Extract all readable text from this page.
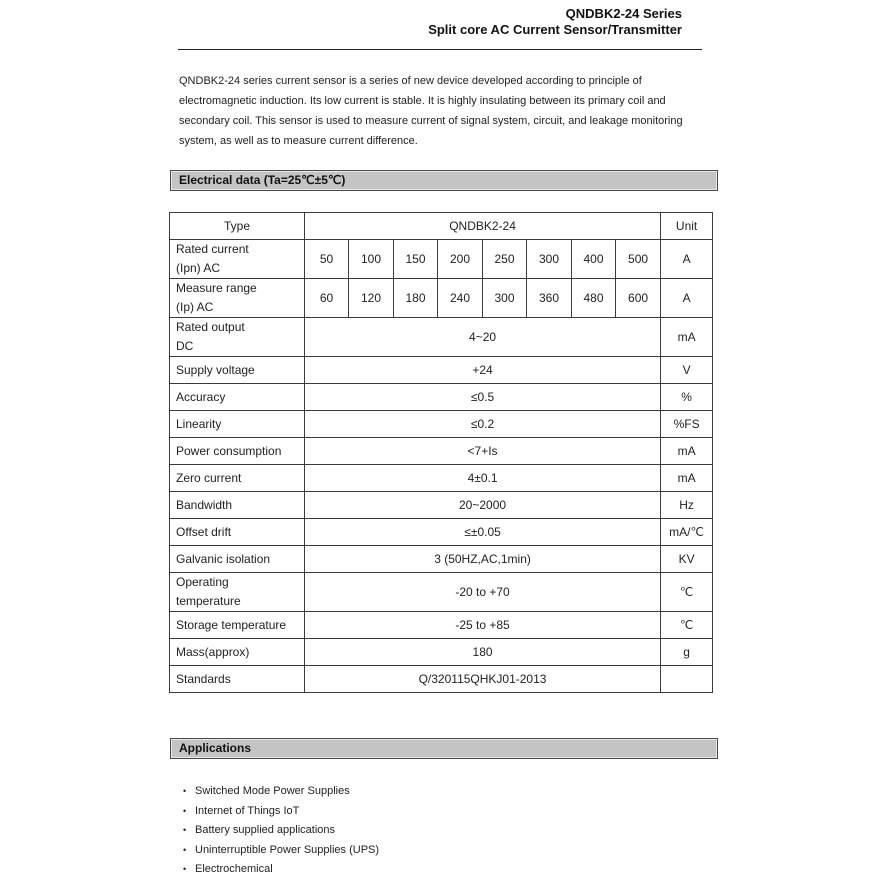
QNDBK2-24 Series
Split core AC Current Sensor/Transmitter

QNDBK2-24 series current sensor is a series of new device developed according to principle of electromagnetic induction. Its low current is stable. It is highly insulating between its primary coil and secondary coil. This sensor is used to measure current of signal system, circuit, and leakage monitoring system, as well as to measure current difference.

Electrical data (Ta=25℃±5℃)
Type	QNDBK2-24								Unit

Rated current
(Ipn) AC	50	100	150	200	250	300	400	500	A

Measure range
(Ip) AC	60	120	180	240	300	360	480	600	A

Rated output
DC	4~20								mA
Supply voltage	+24								V
Accuracy	≤0.5								%
Linearity	≤0.2								%FS
Power consumption	<7+Is								mA
Zero current	4±0.1								mA
Bandwidth	20~2000								Hz
Offset drift	≤±0.05								mA/℃
Galvanic isolation	3 (50HZ,AC,1min)								KV

Operating
temperature	-20 to +70								℃
Storage temperature	-25 to +85								℃
Mass(approx)	180								g
Standards	Q/320115QHKJ01-2013								
Applications
• Switched Mode Power Supplies
• Internet of Things IoT
• Battery supplied applications
• Uninterruptible Power Supplies (UPS)
• Electrochemical
